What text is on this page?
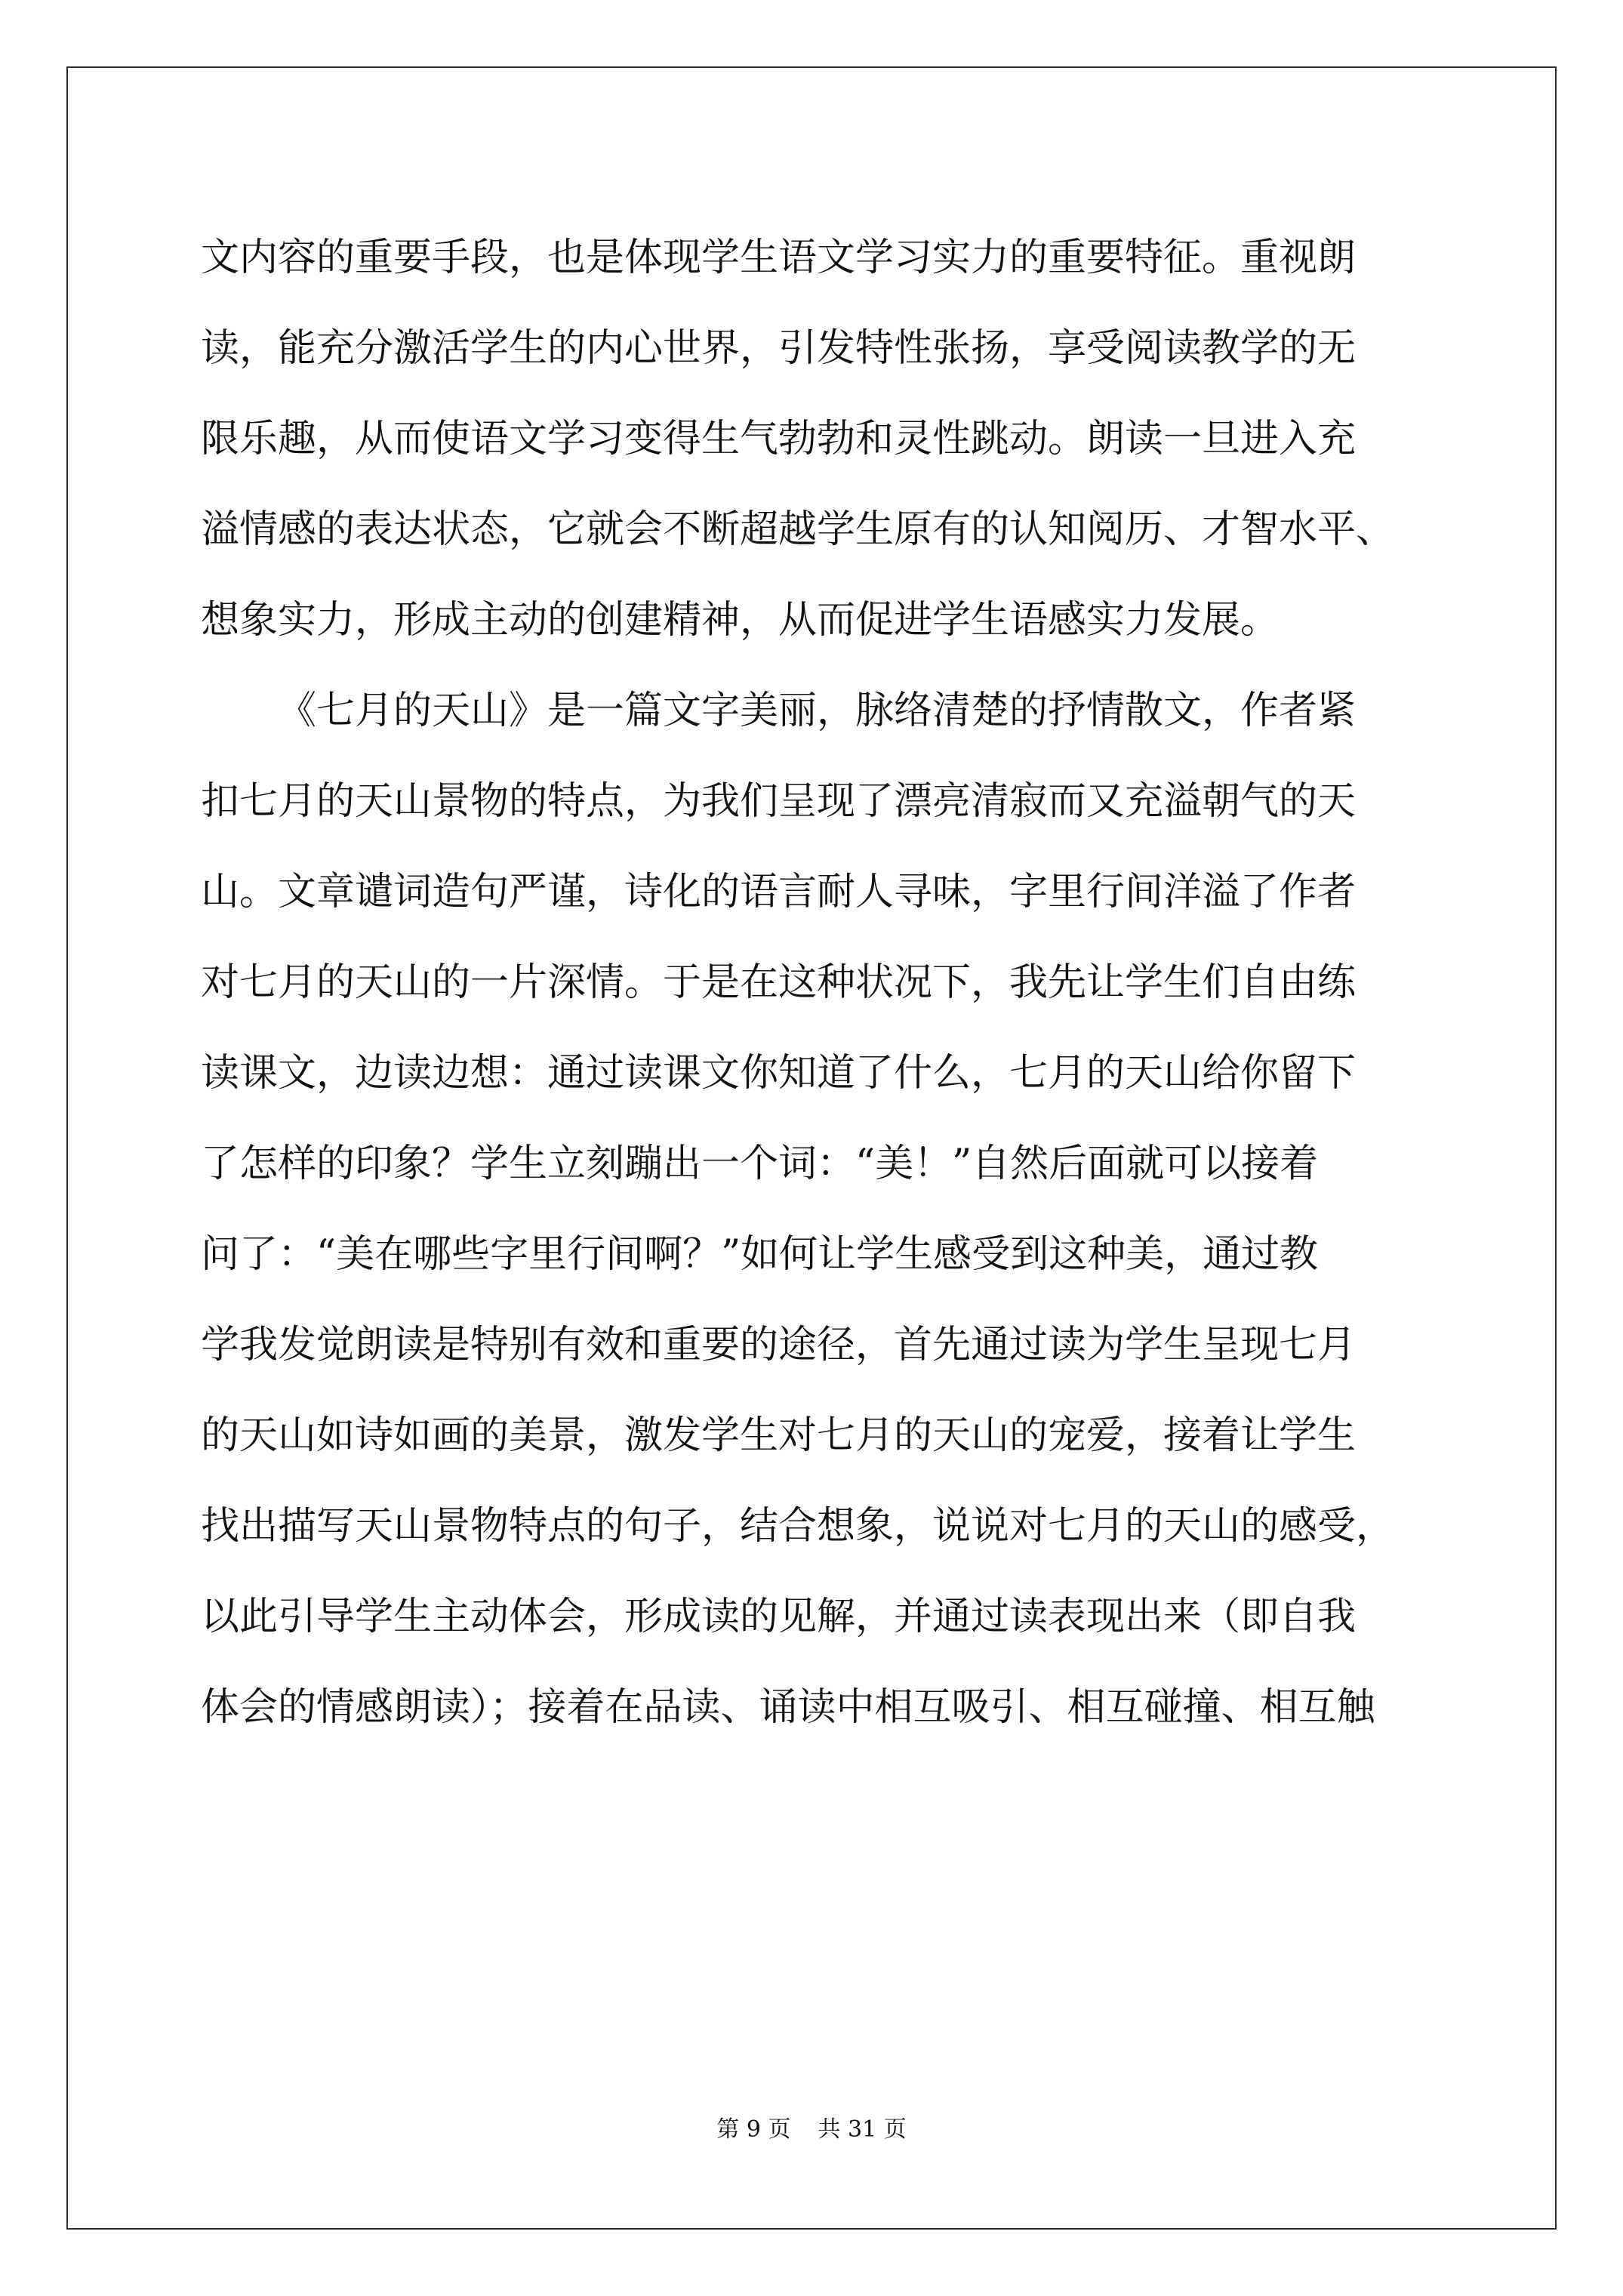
文内容的重要手段，也是体现学生语文学习实力的重要特征。重视朗
读，能充分激活学生的内心世界，引发特性张扬，享受阅读教学的无
限乐趣，从而使语文学习变得生气勃勃和灵性跳动。朗读一旦进入充
溢情感的表达状态，它就会不断超越学生原有的认知阅历、才智水平、
想象实力，形成主动的创建精神，从而促进学生语感实力发展。
《七月的天山》是一篇文字美丽，脉络清楚的抒情散文，作者紧
扣七月的天山景物的特点，为我们呈现了漂亮清寂而又充溢朝气的天
山。文章谴词造句严谨，诗化的语言耐人寻味，字里行间洋溢了作者
对七月的天山的一片深情。于是在这种状况下，我先让学生们自由练
读课文，边读边想：通过读课文你知道了什么，七月的天山给你留下
了怎样的印象？学生立刻蹦出一个词：“美！”自然后面就可以接着
问了：“美在哪些字里行间啊？”如何让学生感受到这种美，通过教
学我发觉朗读是特别有效和重要的途径，首先通过读为学生呈现七月
的天山如诗如画的美景，激发学生对七月的天山的宠爱，接着让学生
找出描写天山景物特点的句子，结合想象，说说对七月的天山的感受，
以此引导学生主动体会，形成读的见解，并通过读表现出来（即自我
体会的情感朗读）；接着在品读、诵读中相互吸引、相互碰撞、相互触
第 9 页 共 31 页
